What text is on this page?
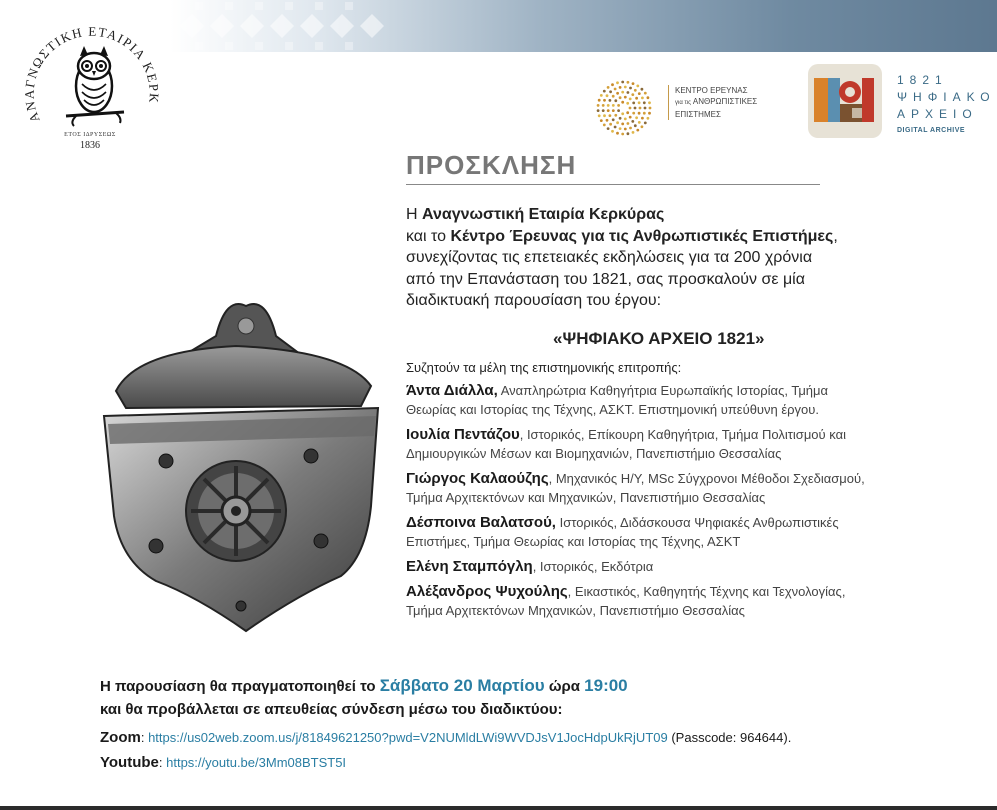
ΑΝΑΓΝΩΣΤΙΚΗ ΕΤΑΙΡΙΑ ΚΕΡΚ
ΕΤΟΣ ΙΔΡΥΣΕΩΣ
1836
ΚΕΝΤΡΟ ΕΡΕΥΝΑΣ
για τις ΑΝΘΡΩΠΙΣΤΙΚΕΣ
ΕΠΙΣΤΗΜΕΣ
1821
ΨΗΦΙΑΚΟ
ΑΡΧΕΙΟ
DIGITAL ARCHIVE
ΠΡΟΣΚΛΗΣΗ
Η Αναγνωστική Εταιρία Κερκύρας
και το Κέντρο Έρευνας για τις Ανθρωπιστικές Επιστήμες,
συνεχίζοντας τις επετειακές εκδηλώσεις για τα 200 χρόνια
από την Επανάσταση του 1821, σας προσκαλούν σε μία
διαδικτυακή παρουσίαση του έργου:
«ΨΗΦΙΑΚΟ ΑΡΧΕΙΟ 1821»
Συζητούν τα μέλη της επιστημονικής επιτροπής:
Άντα Διάλλα, Αναπληρώτρια Καθηγήτρια Ευρωπαϊκής Ιστορίας, Τμήμα
Θεωρίας και Ιστορίας της Τέχνης, ΑΣΚΤ. Επιστημονική υπεύθυνη έργου.
Ιουλία Πεντάζου, Ιστορικός, Επίκουρη Καθηγήτρια, Τμήμα Πολιτισμού και
Δημιουργικών Μέσων και Βιομηχανιών, Πανεπιστήμιο Θεσσαλίας
Γιώργος Καλαούζης, Μηχανικός Η/Υ, MSc Σύγχρονοι Μέθοδοι Σχεδιασμού,
Τμήμα Αρχιτεκτόνων και Μηχανικών, Πανεπιστήμιο Θεσσαλίας
Δέσποινα Βαλατσού, Ιστορικός, Διδάσκουσα Ψηφιακές Ανθρωπιστικές
Επιστήμες, Τμήμα Θεωρίας και Ιστορίας της Τέχνης, ΑΣΚΤ
Ελένη Σταμπόγλη, Ιστορικός, Εκδότρια
Αλέξανδρος Ψυχούλης, Εικαστικός, Καθηγητής Τέχνης και Τεχνολογίας,
Τμήμα Αρχιτεκτόνων Μηχανικών, Πανεπιστήμιο Θεσσαλίας
Η παρουσίαση θα πραγματοποιηθεί το Σάββατο 20 Μαρτίου ώρα 19:00
και θα προβάλλεται σε απευθείας σύνδεση μέσω του διαδικτύου:
Zoom: https://us02web.zoom.us/j/81849621250?pwd=V2NUMldLWi9WVDJsV1JocHdpUkRjUT09 (Passcode: 964644).
Youtube: https://youtu.be/3Mm08BTST5I
